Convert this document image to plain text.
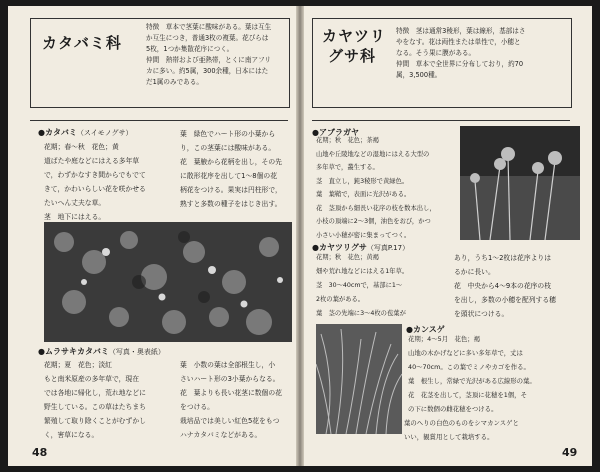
カタバミ科
特徴　草本で茎葉に酸味がある。葉は互生
か互生につき，普通3枚の複葉。花びらは
5枚，1つか集散花序につく。
仲間　熱帯および亜熱帯，とくに南アフリ
カに多い。約5属，300余種，日本にはた
だ1属のみである。
●カタバミ（スイモノグサ）
花期；春～秋　花色；黄
道ばたや庭などにはえる多年草
で，わずかなすき間からでもでて
きて，かわいらしい花を咲かせる
たいへん丈夫な草。
茎　地下にはえる。
葉　緑色でハート形の小葉から
り，この茎葉には酸味がある。
花　葉腋から花柄を出し，その先
に散形花序を出して1～8個の花
柄花をつける。果実は円柱形で，
熟すと多数の種子をはじき出す。
●ムラサキカタバミ（写真・奥表紙）
花期；夏　花色；淡紅
もと南米原産の多年草で，現在
では各地に帰化し，荒れ地などに
野生している。この草はたちまち
繁殖して取り除くことがむずかし
く，害草になる。
葉　小数の葉は全部根生し，小
さいハート形の3小葉からなる。
花　葉よりも長い花茎に数個の花
をつける。
栽培品では美しい紅色5花をもつ
ハナカタバミなどがある。
48
カヤツリ
グサ科
特徴　茎は通常3稜形，葉は線形，基部はさ
やをなす。花は両性または単性で，小穂と
なる。そう果に膜がある。
仲間　草本で全世界に分布しており，約70
属，3,500種。
●アブラガヤ
花期；秋　花色；茶褐
山地や丘陵地などの湿地にはえる大型の
多年草で，叢生する。
茎　直立し，鈍3稜形で黄緑色。
葉　葉鞘で，表面に光沢がある。
花　茎頂から細長い花序の枝を数本出し，
小枝の頂端に2～3個，油色をおび，かつ
小さい小穂が密に集まってつく。
●カヤツリグサ（写真P.17）
花期；秋　花色；黄褐
畑や荒れ地などにはえる1年草。
茎　30～40cmで，基部に1～
2枚の葉がある。
葉　茎の先端に3～4枚の苞葉が
あり，うち1～2枚は花序よりは
るかに長い。
花　中央から4～9本の花序の枝
を出し，多数の小穂を配列する穂
を頭状につける。
●カンスゲ
花期；4～5月　花色；褐
山地の木かげなどに多い多年草で，丈は
40～70cm。この葉でミノやカゴを作る。
葉　根生し，常緑で光沢がある広線形の葉。
花　花茎を出して，茎頂に花穂を1個，そ
の下に数個の雌花穂をつける。
葉のへりの白色のものをシマカンスゲと
いい，観賞用として栽培する。
49
